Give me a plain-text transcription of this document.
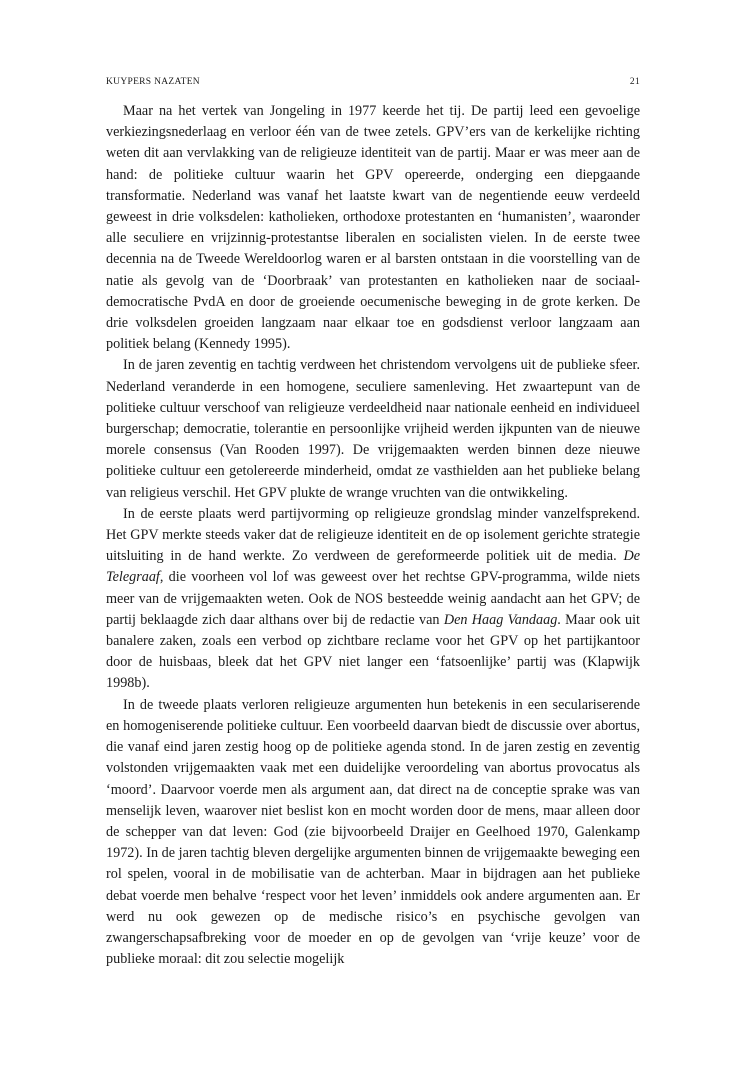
KUYPERS NAZATEN	21

Maar na het vertek van Jongeling in 1977 keerde het tij. De partij leed een gevoelige verkiezingsnederlaag en verloor één van de twee zetels. GPV’ers van de kerkelijke richting weten dit aan vervlakking van de religieuze identiteit van de partij. Maar er was meer aan de hand: de politieke cultuur waarin het GPV opereerde, onderging een diepgaande transformatie. Nederland was vanaf het laatste kwart van de negentiende eeuw verdeeld geweest in drie volksdelen: katholieken, orthodoxe protestanten en ‘humanisten’, waaronder alle seculiere en vrijzinnig-protestantse liberalen en socialisten vielen. In de eerste twee decennia na de Tweede Wereldoorlog waren er al barsten ontstaan in die voorstelling van de natie als gevolg van de ‘Doorbraak’ van protestanten en katholieken naar de sociaal-democratische PvdA en door de groeiende oecumenische beweging in de grote kerken. De drie volksdelen groeiden langzaam naar elkaar toe en godsdienst verloor langzaam aan politiek belang (Kennedy 1995).

In de jaren zeventig en tachtig verdween het christendom vervolgens uit de publieke sfeer. Nederland veranderde in een homogene, seculiere samenleving. Het zwaartepunt van de politieke cultuur verschoof van religieuze verdeeldheid naar nationale eenheid en individueel burgerschap; democratie, tolerantie en persoonlijke vrijheid werden ijkpunten van de nieuwe morele consensus (Van Rooden 1997). De vrijgemaakten werden binnen deze nieuwe politieke cultuur een getolereerde minderheid, omdat ze vasthielden aan het publieke belang van religieus verschil. Het GPV plukte de wrange vruchten van die ontwikkeling.

In de eerste plaats werd partijvorming op religieuze grondslag minder vanzelfsprekend. Het GPV merkte steeds vaker dat de religieuze identiteit en de op isolement gerichte strategie uitsluiting in de hand werkte. Zo verdween de gereformeerde politiek uit de media. De Telegraaf, die voorheen vol lof was geweest over het rechtse GPV-programma, wilde niets meer van de vrijgemaakten weten. Ook de NOS besteedde weinig aandacht aan het GPV; de partij beklaagde zich daar althans over bij de redactie van Den Haag Vandaag. Maar ook uit banalere zaken, zoals een verbod op zichtbare reclame voor het GPV op het partijkantoor door de huisbaas, bleek dat het GPV niet langer een ‘fatsoenlijke’ partij was (Klapwijk 1998b).

In de tweede plaats verloren religieuze argumenten hun betekenis in een seculariserende en homogeniserende politieke cultuur. Een voorbeeld daarvan biedt de discussie over abortus, die vanaf eind jaren zestig hoog op de politieke agenda stond. In de jaren zestig en zeventig volstonden vrijgemaakten vaak met een duidelijke veroordeling van abortus provocatus als ‘moord’. Daarvoor voerde men als argument aan, dat direct na de conceptie sprake was van menselijk leven, waarover niet beslist kon en mocht worden door de mens, maar alleen door de schepper van dat leven: God (zie bijvoorbeeld Draijer en Geelhoed 1970, Galenkamp 1972). In de jaren tachtig bleven dergelijke argumenten binnen de vrijgemaakte beweging een rol spelen, vooral in de mobilisatie van de achterban. Maar in bijdragen aan het publieke debat voerde men behalve ‘respect voor het leven’ inmiddels ook andere argumenten aan. Er werd nu ook gewezen op de medische risico’s en psychische gevolgen van zwangerschapsafbreking voor de moeder en op de gevolgen van ‘vrije keuze’ voor de publieke moraal: dit zou selectie mogelijk
